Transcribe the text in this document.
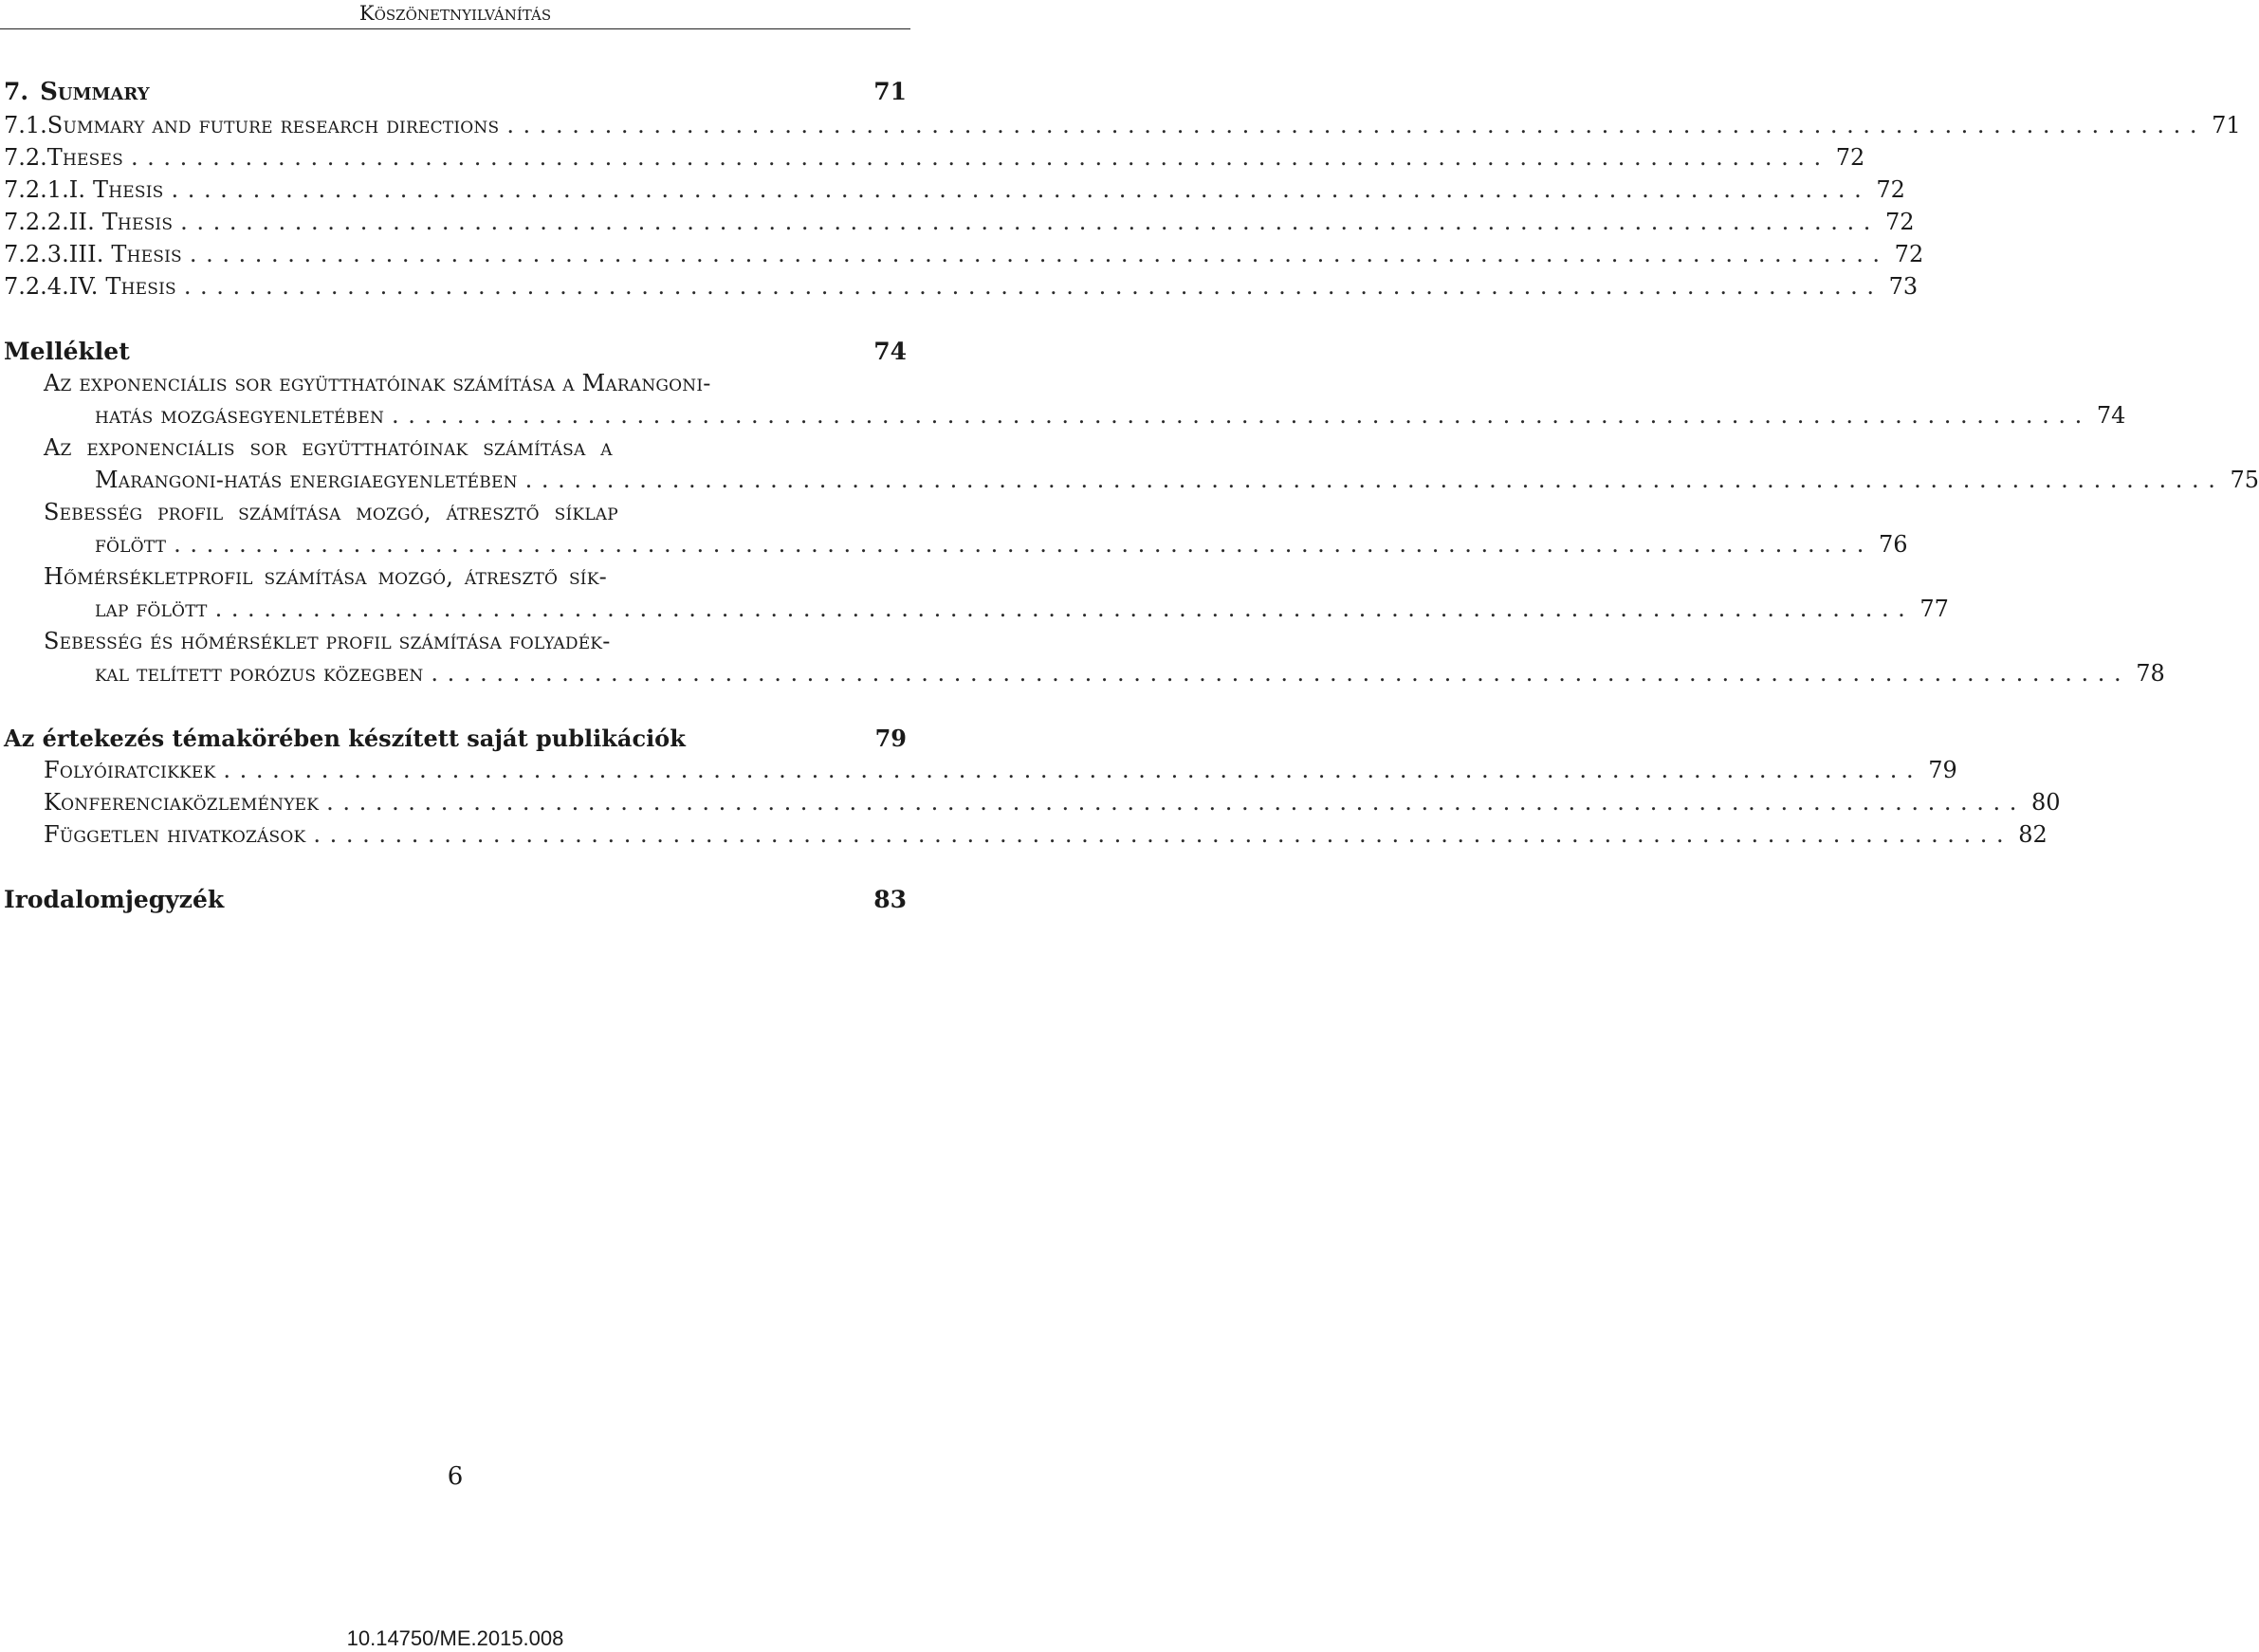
Köszönetnyilvánítás
7. Summary	71
7.1. Summary and future research directions ........................................................................................................ 71
7.2. Theses ........................................................................................................ 72
7.2.1. I. Thesis ........................................................................................................ 72
7.2.2. II. Thesis ........................................................................................................ 72
7.2.3. III. Thesis ........................................................................................................ 72
7.2.4. IV. Thesis ........................................................................................................ 73
Melléklet	74
Az exponenciális sor együtthatóinak számítása a Marangoni-
hatás mozgásegyenletében ........................................................................................................ 74
Az exponenciális sor együtthatóinak számítása a
Marangoni-hatás energiaegyenletében ........................................................................................................ 75
Sebesség profil számítása mozgó, átresztő síklap
fölött ........................................................................................................ 76
Hőmérsékletprofil számítása mozgó, átresztő sík-
lap fölött ........................................................................................................ 77
Sebesség és hőmérséklet profil számítása folyadék-
kal telített porózus közegben ........................................................................................................ 78
Az értekezés témakörében készített saját publikációk	79
Folyóiratcikkek ........................................................................................................ 79
Konferenciaközlemények ........................................................................................................ 80
Független hivatkozások ........................................................................................................ 82
Irodalomjegyzék	83
6
10.14750/ME.2015.008
